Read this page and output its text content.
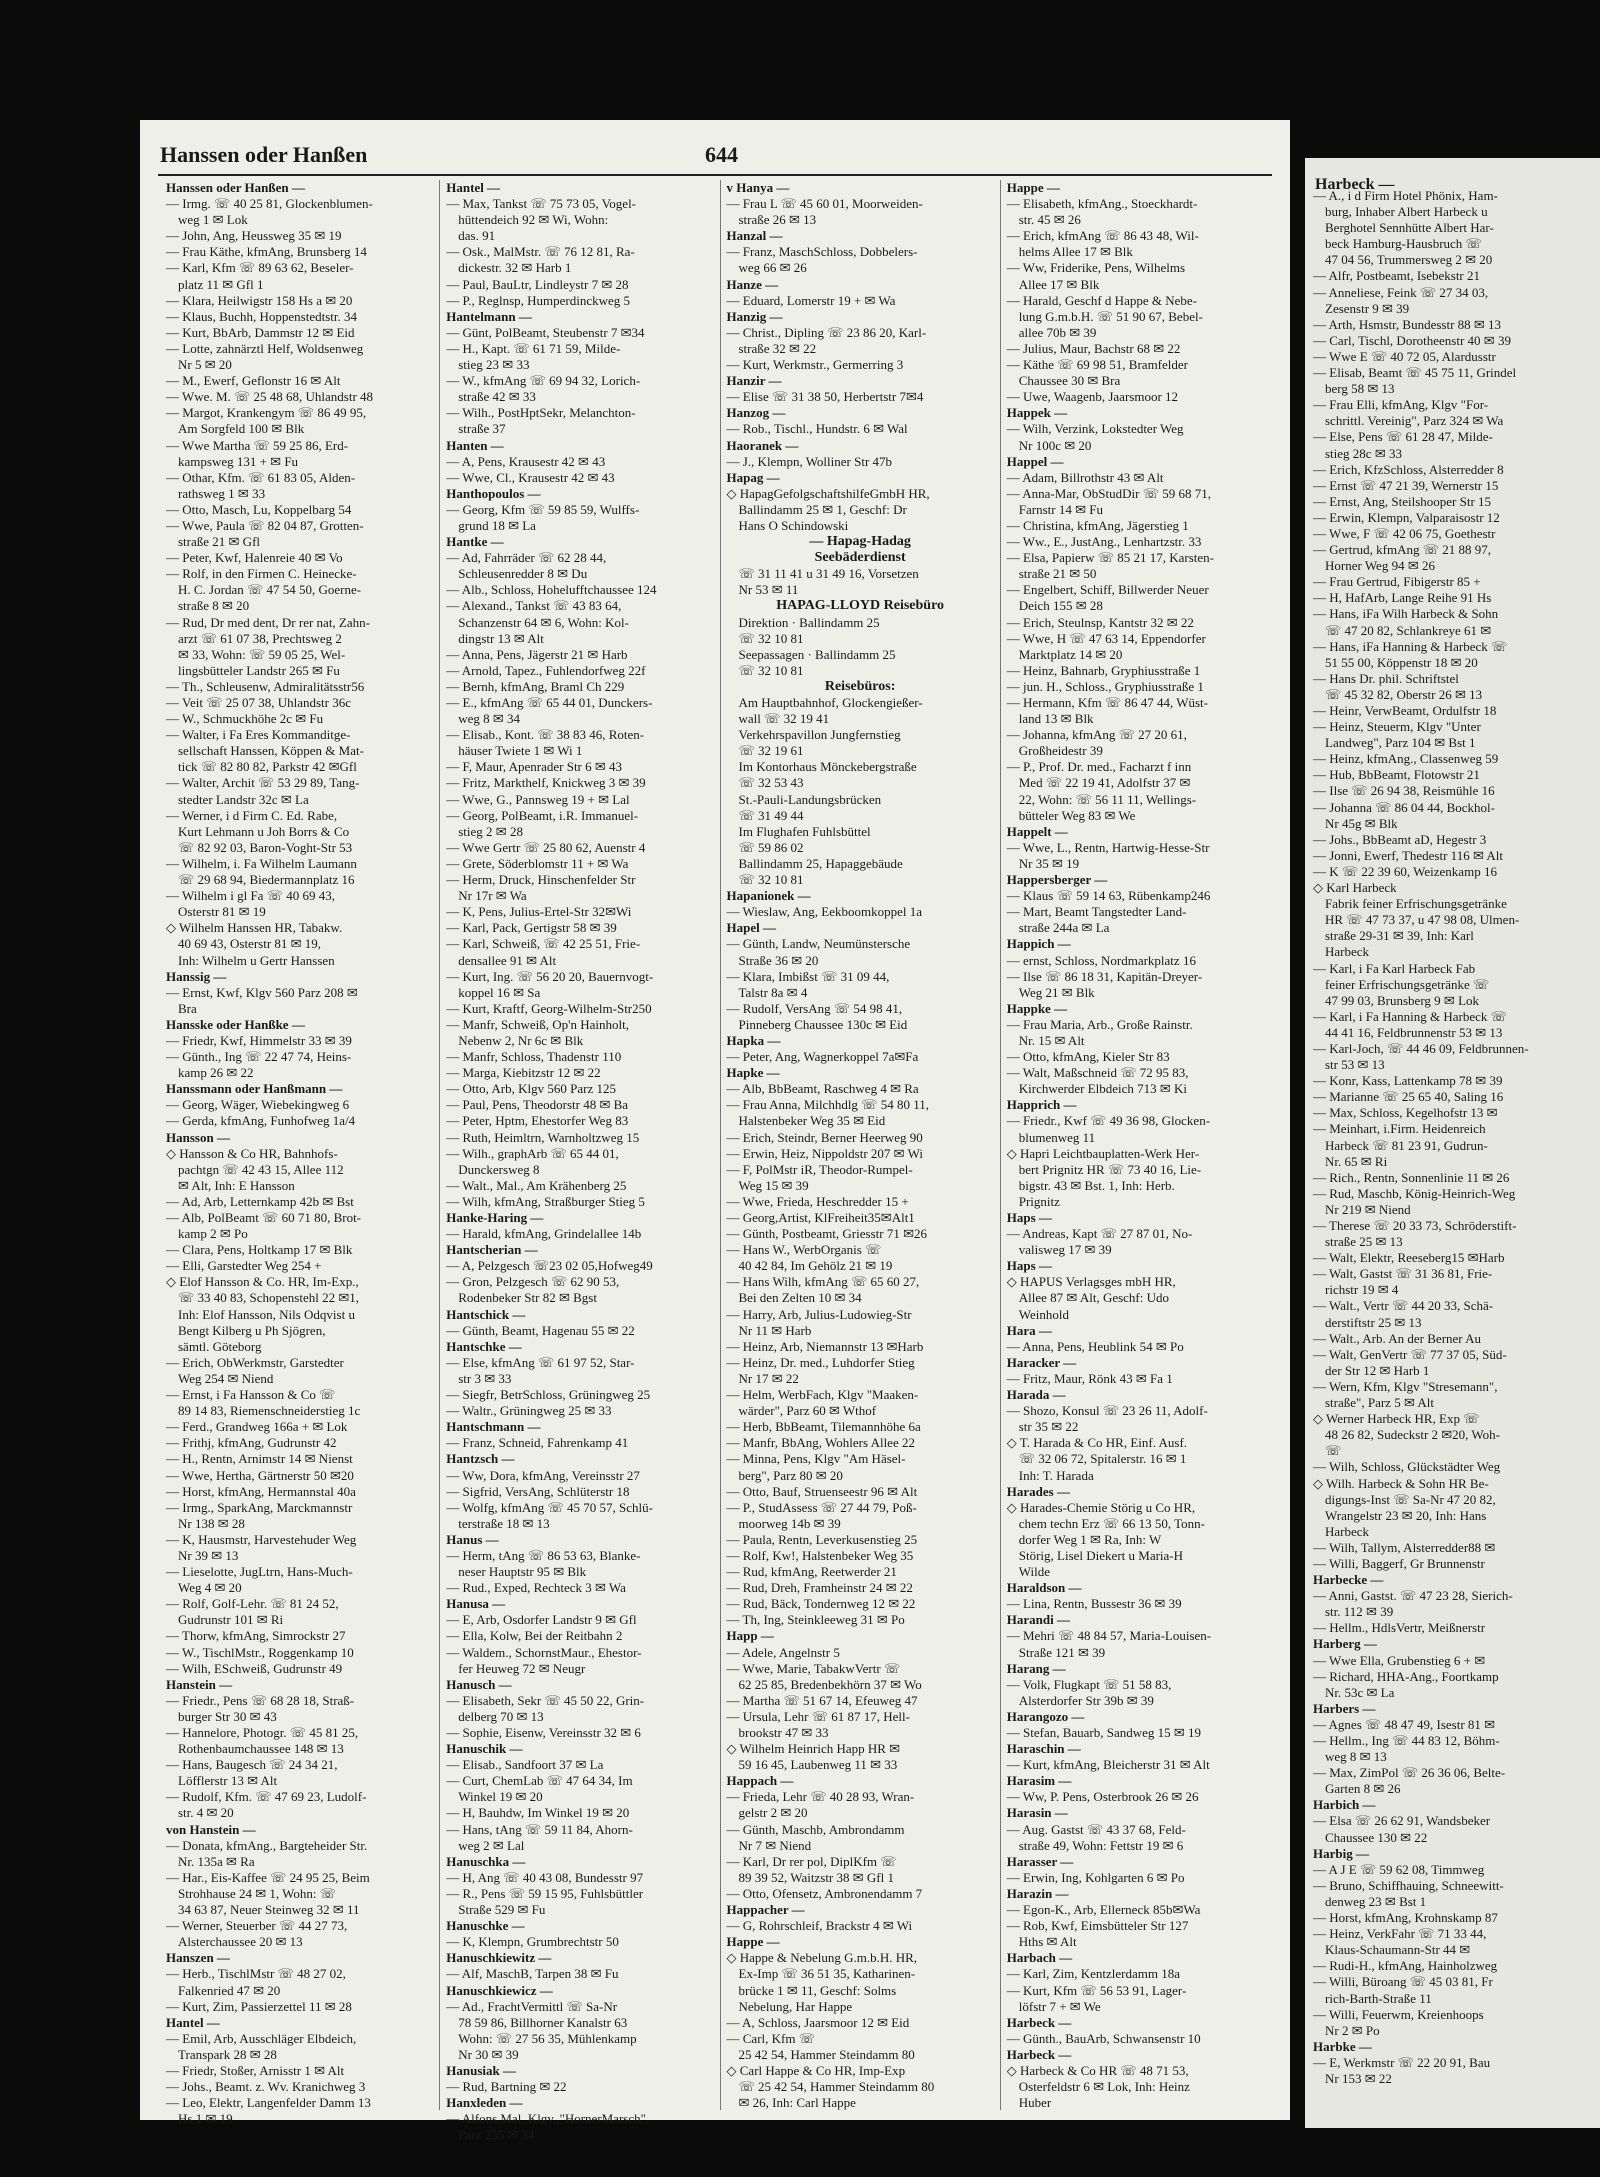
Hanssen oder Hanßen	644
Hanssen oder Hanßen —
— Irmg. ☏ 40 25 81, Glockenblumen-
weg 1 ✉ Lok
— John, Ang, Heussweg 35 ✉ 19
— Frau Käthe, kfmAng, Brunsberg 14
— Karl, Kfm ☏ 89 63 62, Beseler-
platz 11 ✉ Gfl 1
— Klara, Heilwigstr 158 Hs a ✉ 20
— Klaus, Buchh, Hoppenstedtstr. 34
— Kurt, BbArb, Dammstr 12 ✉ Eid
— Lotte, zahnärztl Helf, Woldsenweg
Nr 5 ✉ 20
— M., Ewerf, Geflonstr 16 ✉ Alt
— Wwe. M. ☏ 25 48 68, Uhlandstr 48
— Margot, Krankengym ☏ 86 49 95,
Am Sorgfeld 100 ✉ Blk
— Wwe Martha ☏ 59 25 86, Erd-
kampsweg 131 + ✉ Fu
— Othar, Kfm. ☏ 61 83 05, Alden-
rathsweg 1 ✉ 33
— Otto, Masch, Lu, Koppelbarg 54
— Wwe, Paula ☏ 82 04 87, Grotten-
straße 21 ✉ Gfl
— Peter, Kwf, Halenreie 40 ✉ Vo
— Rolf, in den Firmen C. Heinecke-
H. C. Jordan ☏ 47 54 50, Goerne-
straße 8 ✉ 20
— Rud, Dr med dent, Dr rer nat, Zahn-
arzt ☏ 61 07 38, Prechtsweg 2
✉ 33, Wohn: ☏ 59 05 25, Wel-
lingsbütteler Landstr 265 ✉ Fu
— Th., Schleusenw, Admiralitätsstr56
— Veit ☏ 25 07 38, Uhlandstr 36c
— W., Schmuckhöhe 2c ✉ Fu
— Walter, i Fa Eres Kommanditge-
sellschaft Hanssen, Köppen & Mat-
tick ☏ 82 80 82, Parkstr 42 ✉Gfl
— Walter, Archit ☏ 53 29 89, Tang-
stedter Landstr 32c ✉ La
— Werner, i d Firm C. Ed. Rabe,
Kurt Lehmann u Joh Borrs & Co
☏ 82 92 03, Baron-Voght-Str 53
— Wilhelm, i. Fa Wilhelm Laumann
☏ 29 68 94, Biedermannplatz 16
— Wilhelm i gl Fa ☏ 40 69 43,
Osterstr 81 ✉ 19
◇ Wilhelm Hanssen HR, Tabakw.
40 69 43, Osterstr 81 ✉ 19,
Inh: Wilhelm u Gertr Hanssen
Hanssig —
— Ernst, Kwf, Klgv 560 Parz 208 ✉
Bra
Hansske oder Hanßke —
— Friedr, Kwf, Himmelstr 33 ✉ 39
— Günth., Ing ☏ 22 47 74, Heins-
kamp 26 ✉ 22
Hanssmann oder Hanßmann —
— Georg, Wäger, Wiebekingweg 6
— Gerda, kfmAng, Funhofweg 1a/4
Hansson —
◇ Hansson & Co HR, Bahnhofs-
pachtgn ☏ 42 43 15, Allee 112
✉ Alt, Inh: E Hansson
— Ad, Arb, Letternkamp 42b ✉ Bst
— Alb, PolBeamt ☏ 60 71 80, Brot-
kamp 2 ✉ Po
— Clara, Pens, Holtkamp 17 ✉ Blk
— Elli, Garstedter Weg 254 +
◇ Elof Hansson & Co. HR, Im-Exp.,
☏ 33 40 83, Schopenstehl 22 ✉1,
Inh: Elof Hansson, Nils Odqvist u
Bengt Kilberg u Ph Sjögren,
sämtl. Göteborg
— Erich, ObWerkmstr, Garstedter
Weg 254 ✉ Niend
— Ernst, i Fa Hansson & Co ☏
89 14 83, Riemenschneiderstieg 1c
— Ferd., Grandweg 166a + ✉ Lok
— Frithj, kfmAng, Gudrunstr 42
— H., Rentn, Arnimstr 14 ✉ Nienst
— Wwe, Hertha, Gärtnerstr 50 ✉20
— Horst, kfmAng, Hermannstal 40a
— Irmg., SparkAng, Marckmannstr
Nr 138 ✉ 28
— K, Hausmstr, Harvestehuder Weg
Nr 39 ✉ 13
— Lieselotte, JugLtrn, Hans-Much-
Weg 4 ✉ 20
— Rolf, Golf-Lehr. ☏ 81 24 52,
Gudrunstr 101 ✉ Ri
— Thorw, kfmAng, Simrockstr 27
— W., TischlMstr., Roggenkamp 10
— Wilh, ESchweiß, Gudrunstr 49
Hanstein —
— Friedr., Pens ☏ 68 28 18, Straß-
burger Str 30 ✉ 43
— Hannelore, Photogr. ☏ 45 81 25,
Rothenbaumchaussee 148 ✉ 13
— Hans, Baugesch ☏ 24 34 21,
Löfflerstr 13 ✉ Alt
— Rudolf, Kfm. ☏ 47 69 23, Ludolf-
str. 4 ✉ 20
von Hanstein —
— Donata, kfmAng., Bargteheider Str.
Nr. 135a ✉ Ra
— Har., Eis-Kaffee ☏ 24 95 25, Beim
Strohhause 24 ✉ 1, Wohn: ☏
34 63 87, Neuer Steinweg 32 ✉ 11
— Werner, Steuerber ☏ 44 27 73,
Alsterchaussee 20 ✉ 13
Hanszen —
— Herb., TischlMstr ☏ 48 27 02,
Falkenried 47 ✉ 20
— Kurt, Zim, Passierzettel 11 ✉ 28
Hantel —
— Emil, Arb, Ausschläger Elbdeich,
Transpark 28 ✉ 28
— Friedr, Stoßer, Arnisstr 1 ✉ Alt
— Johs., Beamt. z. Wv. Kranichweg 3
— Leo, Elektr, Langenfelder Damm 13
Hs 1 ✉ 19
Hantel —
— Max, Tankst ☏ 75 73 05, Vogel-
hüttendeich 92 ✉ Wi, Wohn:
das. 91
— Osk., MalMstr. ☏ 76 12 81, Ra-
dickestr. 32 ✉ Harb 1
— Paul, BauLtr, Lindleystr 7 ✉ 28
— P., Reglnsp, Humperdinckweg 5
Hantelmann —
— Günt, PolBeamt, Steubenstr 7 ✉34
— H., Kapt. ☏ 61 71 59, Milde-
stieg 23 ✉ 33
— W., kfmAng ☏ 69 94 32, Lorich-
straße 42 ✉ 33
— Wilh., PostHptSekr, Melanchton-
straße 37
Hanten —
— A, Pens, Krausestr 42 ✉ 43
— Wwe, Cl., Krausestr 42 ✉ 43
Hanthopoulos —
— Georg, Kfm ☏ 59 85 59, Wulffs-
grund 18 ✉ La
Hantke —
— Ad, Fahrräder ☏ 62 28 44,
Schleusenredder 8 ✉ Du
— Alb., Schloss, Hohelufftchaussee 124
— Alexand., Tankst ☏ 43 83 64,
Schanzenstr 64 ✉ 6, Wohn: Kol-
dingstr 13 ✉ Alt
— Anna, Pens, Jägerstr 21 ✉ Harb
— Arnold, Tapez., Fuhlendorfweg 22f
— Bernh, kfmAng, Braml Ch 229
— E., kfmAng ☏ 65 44 01, Dunckers-
weg 8 ✉ 34
— Elisab., Kont. ☏ 38 83 46, Roten-
häuser Twiete 1 ✉ Wi 1
— F, Maur, Apenrader Str 6 ✉ 43
— Fritz, Markthelf, Knickweg 3 ✉ 39
— Wwe, G., Pannsweg 19 + ✉ Lal
— Georg, PolBeamt, i.R. Immanuel-
stieg 2 ✉ 28
— Wwe Gertr ☏ 25 80 62, Auenstr 4
— Grete, Söderblomstr 11 + ✉ Wa
— Herm, Druck, Hinschenfelder Str
Nr 17r ✉ Wa
— K, Pens, Julius-Ertel-Str 32✉Wi
— Karl, Pack, Gertigstr 58 ✉ 39
— Karl, Schweiß, ☏ 42 25 51, Frie-
densallee 91 ✉ Alt
— Kurt, Ing. ☏ 56 20 20, Bauernvogt-
koppel 16 ✉ Sa
— Kurt, Kraftf, Georg-Wilhelm-Str250
— Manfr, Schweiß, Op'n Hainholt,
Nebenw 2, Nr 6c ✉ Blk
— Manfr, Schloss, Thadenstr 110
— Marga, Kiebitzstr 12 ✉ 22
— Otto, Arb, Klgv 560 Parz 125
— Paul, Pens, Theodorstr 48 ✉ Ba
— Peter, Hptm, Ehestorfer Weg 83
— Ruth, Heimltrn, Warnholtzweg 15
— Wilh., graphArb ☏ 65 44 01,
Dunckersweg 8
— Walt., Mal., Am Krähenberg 25
— Wilh, kfmAng, Straßburger Stieg 5
Hanke-Haring —
— Harald, kfmAng, Grindelallee 14b
Hantscherian —
— A, Pelzgesch ☏23 02 05,Hofweg49
— Gron, Pelzgesch ☏ 62 90 53,
Rodenbeker Str 82 ✉ Bgst
Hantschick —
— Günth, Beamt, Hagenau 55 ✉ 22
Hantschke —
— Else, kfmAng ☏ 61 97 52, Star-
str 3 ✉ 33
— Siegfr, BetrSchloss, Grüningweg 25
— Waltr., Grüningweg 25 ✉ 33
Hantschmann —
— Franz, Schneid, Fahrenkamp 41
Hantzsch —
— Ww, Dora, kfmAng, Vereinsstr 27
— Sigfrid, VersAng, Schlüterstr 18
— Wolfg, kfmAng ☏ 45 70 57, Schlü-
terstraße 18 ✉ 13
Hanus —
— Herm, tAng ☏ 86 53 63, Blanke-
neser Hauptstr 95 ✉ Blk
— Rud., Exped, Rechteck 3 ✉ Wa
Hanusa —
— E, Arb, Osdorfer Landstr 9 ✉ Gfl
— Ella, Kolw, Bei der Reitbahn 2
— Waldem., SchornstMaur., Ehestor-
fer Heuweg 72 ✉ Neugr
Hanusch —
— Elisabeth, Sekr ☏ 45 50 22, Grin-
delberg 70 ✉ 13
— Sophie, Eisenw, Vereinsstr 32 ✉ 6
Hanuschik —
— Elisab., Sandfoort 37 ✉ La
— Curt, ChemLab ☏ 47 64 34, Im
Winkel 19 ✉ 20
— H, Bauhdw, Im Winkel 19 ✉ 20
— Hans, tAng ☏ 59 11 84, Ahorn-
weg 2 ✉ Lal
Hanuschka —
— H, Ang ☏ 40 43 08, Bundesstr 97
— R., Pens ☏ 59 15 95, Fuhlsbüttler
Straße 529 ✉ Fu
Hanuschke —
— K, Klempn, Grumbrechtstr 50
Hanuschkiewitz —
— Alf, MaschB, Tarpen 38 ✉ Fu
Hanuschkiewicz —
— Ad., FrachtVermittl ☏ Sa-Nr
78 59 86, Billhorner Kanalstr 63
Wohn: ☏ 27 56 35, Mühlenkamp
Nr 30 ✉ 39
Hanusiak —
— Rud, Bartning ✉ 22
Hanxleden —
— Alfons,Mal, Klgv.,"HornerMarsch",
Parz 255 ✉ 34
v Hanya —
— Frau L ☏ 45 60 01, Moorweiden-
straße 26 ✉ 13
Hanzal —
— Franz, MaschSchloss, Dobbelers-
weg 66 ✉ 26
Hanze —
— Eduard, Lomerstr 19 + ✉ Wa
Hanzig —
— Christ., Dipling ☏ 23 86 20, Karl-
straße 32 ✉ 22
— Kurt, Werkmstr., Germerring 3
Hanzir —
— Elise ☏ 31 38 50, Herbertstr 7✉4
Hanzog —
— Rob., Tischl., Hundstr. 6 ✉ Wal
Haoranek —
— J., Klempn, Wolliner Str 47b
Hapag —
◇ HapagGefolgschaftshilfeGmbH HR,
Ballindamm 25 ✉ 1, Geschf: Dr
Hans O Schindowski
— Hapag-Hadag
Seebäderdienst
☏ 31 11 41 u 31 49 16, Vorsetzen
Nr 53 ✉ 11
HAPAG-LLOYD Reisebüro
Direktion · Ballindamm 25
☏ 32 10 81
Seepassagen · Ballindamm 25
☏ 32 10 81
Reisebüros:
Am Hauptbahnhof, Glockengießer-
wall ☏ 32 19 41
Verkehrspavillon Jungfernstieg
☏ 32 19 61
Im Kontorhaus Mönckebergstraße
☏ 32 53 43
St.-Pauli-Landungsbrücken
☏ 31 49 44
Im Flughafen Fuhlsbüttel
☏ 59 86 02
Ballindamm 25, Hapaggebäude
☏ 32 10 81
Hapanionek —
— Wieslaw, Ang, Eekboomkoppel 1a
Hapel —
— Günth, Landw, Neumünstersche
Straße 36 ✉ 20
— Klara, Imbißst ☏ 31 09 44,
Talstr 8a ✉ 4
— Rudolf, VersAng ☏ 54 98 41,
Pinneberg Chaussee 130c ✉ Eid
Hapka —
— Peter, Ang, Wagnerkoppel 7a✉Fa
Hapke —
— Alb, BbBeamt, Raschweg 4 ✉ Ra
— Frau Anna, Milchhdlg ☏ 54 80 11,
Halstenbeker Weg 35 ✉ Eid
— Erich, Steindr, Berner Heerweg 90
— Erwin, Heiz, Nippoldstr 207 ✉ Wi
— F, PolMstr iR, Theodor-Rumpel-
Weg 15 ✉ 39
— Wwe, Frieda, Heschredder 15 +
— Georg,Artist, KlFreiheit35✉Alt1
— Günth, Postbeamt, Griesstr 71 ✉26
— Hans W., WerbOrganis ☏
40 42 84, Im Gehölz 21 ✉ 19
— Hans Wilh, kfmAng ☏ 65 60 27,
Bei den Zelten 10 ✉ 34
— Harry, Arb, Julius-Ludowieg-Str
Nr 11 ✉ Harb
— Heinz, Arb, Niemannstr 13 ✉Harb
— Heinz, Dr. med., Luhdorfer Stieg
Nr 17 ✉ 22
— Helm, WerbFach, Klgv "Maaken-
wärder", Parz 60 ✉ Wthof
— Herb, BbBeamt, Tilemannhöhe 6a
— Manfr, BbAng, Wohlers Allee 22
— Minna, Pens, Klgv "Am Häsel-
berg", Parz 80 ✉ 20
— Otto, Bauf, Struenseestr 96 ✉ Alt
— P., StudAssess ☏ 27 44 79, Poß-
moorweg 14b ✉ 39
— Paula, Rentn, Leverkusenstieg 25
— Rolf, Kw!, Halstenbeker Weg 35
— Rud, kfmAng, Reetwerder 21
— Rud, Dreh, Framheinstr 24 ✉ 22
— Rud, Bäck, Tondernweg 12 ✉ 22
— Th, Ing, Steinkleeweg 31 ✉ Po
Happ —
— Adele, Angelnstr 5
— Wwe, Marie, TabakwVertr ☏
62 25 85, Bredenbekhörn 37 ✉ Wo
— Martha ☏ 51 67 14, Efeuweg 47
— Ursula, Lehr ☏ 61 87 17, Hell-
brookstr 47 ✉ 33
◇ Wilhelm Heinrich Happ HR ✉
59 16 45, Laubenweg 11 ✉ 33
Happach —
— Frieda, Lehr ☏ 40 28 93, Wran-
gelstr 2 ✉ 20
— Günth, Maschb, Ambrondamm
Nr 7 ✉ Niend
— Karl, Dr rer pol, DiplKfm ☏
89 39 52, Waitzstr 38 ✉ Gfl 1
— Otto, Ofensetz, Ambronendamm 7
Happacher —
— G, Rohrschleif, Brackstr 4 ✉ Wi
Happe —
◇ Happe & Nebelung G.m.b.H. HR,
Ex-Imp ☏ 36 51 35, Katharinen-
brücke 1 ✉ 11, Geschf: Solms
Nebelung, Har Happe
— A, Schloss, Jaarsmoor 12 ✉ Eid
— Carl, Kfm ☏
25 42 54, Hammer Steindamm 80
◇ Carl Happe & Co HR, Imp-Exp
☏ 25 42 54, Hammer Steindamm 80
✉ 26, Inh: Carl Happe
Happe —
— Elisabeth, kfmAng., Stoeckhardt-
str. 45 ✉ 26
— Erich, kfmAng ☏ 86 43 48, Wil-
helms Allee 17 ✉ Blk
— Ww, Friderike, Pens, Wilhelms
Allee 17 ✉ Blk
— Harald, Geschf d Happe & Nebe-
lung G.m.b.H. ☏ 51 90 67, Bebel-
allee 70b ✉ 39
— Julius, Maur, Bachstr 68 ✉ 22
— Käthe ☏ 69 98 51, Bramfelder
Chaussee 30 ✉ Bra
— Uwe, Waagenb, Jaarsmoor 12
Happek —
— Wilh, Verzink, Lokstedter Weg
Nr 100c ✉ 20
Happel —
— Adam, Billrothstr 43 ✉ Alt
— Anna-Mar, ObStudDir ☏ 59 68 71,
Farnstr 14 ✉ Fu
— Christina, kfmAng, Jägerstieg 1
— Ww., E., JustAng., Lenhartzstr. 33
— Elsa, Papierw ☏ 85 21 17, Karsten-
straße 21 ✉ 50
— Engelbert, Schiff, Billwerder Neuer
Deich 155 ✉ 28
— Erich, Steulnsp, Kantstr 32 ✉ 22
— Wwe, H ☏ 47 63 14, Eppendorfer
Marktplatz 14 ✉ 20
— Heinz, Bahnarb, Gryphiusstraße 1
— jun. H., Schloss., Gryphiusstraße 1
— Hermann, Kfm ☏ 86 47 44, Wüst-
land 13 ✉ Blk
— Johanna, kfmAng ☏ 27 20 61,
Großheidestr 39
— P., Prof. Dr. med., Facharzt f inn
Med ☏ 22 19 41, Adolfstr 37 ✉
22, Wohn: ☏ 56 11 11, Wellings-
bütteler Weg 83 ✉ We
Happelt —
— Wwe, L., Rentn, Hartwig-Hesse-Str
Nr 35 ✉ 19
Happersberger —
— Klaus ☏ 59 14 63, Rübenkamp246
— Mart, Beamt Tangstedter Land-
straße 244a ✉ La
Happich —
— ernst, Schloss, Nordmarkplatz 16
— Ilse ☏ 86 18 31, Kapitän-Dreyer-
Weg 21 ✉ Blk
Happke —
— Frau Maria, Arb., Große Rainstr.
Nr. 15 ✉ Alt
— Otto, kfmAng, Kieler Str 83
— Walt, Maßschneid ☏ 72 95 83,
Kirchwerder Elbdeich 713 ✉ Ki
Happrich —
— Friedr., Kwf ☏ 49 36 98, Glocken-
blumenweg 11
◇ Hapri Leichtbauplatten-Werk Her-
bert Prignitz HR ☏ 73 40 16, Lie-
bigstr. 43 ✉ Bst. 1, Inh: Herb.
Prignitz
Haps —
— Andreas, Kapt ☏ 27 87 01, No-
valisweg 17 ✉ 39
Haps —
◇ HAPUS Verlagsges mbH HR,
Allee 87 ✉ Alt, Geschf: Udo
Weinhold
Hara —
— Anna, Pens, Heublink 54 ✉ Po
Haracker —
— Fritz, Maur, Rönk 43 ✉ Fa 1
Harada —
— Shozo, Konsul ☏ 23 26 11, Adolf-
str 35 ✉ 22
◇ T. Harada & Co HR, Einf. Ausf.
☏ 32 06 72, Spitalerstr. 16 ✉ 1
Inh: T. Harada
Harades —
◇ Harades-Chemie Störig u Co HR,
chem techn Erz ☏ 66 13 50, Tonn-
dorfer Weg 1 ✉ Ra, Inh: W
Störig, Lisel Diekert u Maria-H
Wilde
Haraldson —
— Lina, Rentn, Bussestr 36 ✉ 39
Harandi —
— Mehri ☏ 48 84 57, Maria-Louisen-
Straße 121 ✉ 39
Harang —
— Volk, Flugkapt ☏ 51 58 83,
Alsterdorfer Str 39b ✉ 39
Harangozo —
— Stefan, Bauarb, Sandweg 15 ✉ 19
Haraschin —
— Kurt, kfmAng, Bleicherstr 31 ✉ Alt
Harasim —
— Ww, P. Pens, Osterbrook 26 ✉ 26
Harasin —
— Aug. Gastst ☏ 43 37 68, Feld-
straße 49, Wohn: Fettstr 19 ✉ 6
Harasser —
— Erwin, Ing, Kohlgarten 6 ✉ Po
Harazin —
— Egon-K., Arb, Ellerneck 85b✉Wa
— Rob, Kwf, Eimsbütteler Str 127
Hths ✉ Alt
Harbach —
— Karl, Zim, Kentzlerdamm 18a
— Kurt, Kfm ☏ 56 53 91, Lager-
löfstr 7 + ✉ We
Harbeck —
— Günth., BauArb, Schwansenstr 10
Harbeck —
◇ Harbeck & Co HR ☏ 48 71 53,
Osterfeldstr 6 ✉ Lok, Inh: Heinz
Huber
Harbeck —
— A., i d Firm Hotel Phönix, Ham-
burg, Inhaber Albert Harbeck u
Berghotel Sennhütte Albert Har-
beck Hamburg-Hausbruch ☏
47 04 56, Trummersweg 2 ✉ 20
— Alfr, Postbeamt, Isebekstr 21
— Anneliese, Feink ☏ 27 34 03,
Zesenstr 9 ✉ 39
— Arth, Hsmstr, Bundesstr 88 ✉ 13
— Carl, Tischl, Dorotheenstr 40 ✉ 39
— Wwe E ☏ 40 72 05, Alardusstr
— Elisab, Beamt ☏ 45 75 11, Grindel
berg 58 ✉ 13
— Frau Elli, kfmAng, Klgv "For-
schrittl. Vereinig", Parz 324 ✉ Wa
— Else, Pens ☏ 61 28 47, Milde-
stieg 28c ✉ 33
— Erich, KfzSchloss, Alsterredder 8
— Ernst ☏ 47 21 39, Wernerstr 15
— Ernst, Ang, Steilshooper Str 15
— Erwin, Klempn, Valparaisostr 12
— Wwe, F ☏ 42 06 75, Goethestr
— Gertrud, kfmAng ☏ 21 88 97,
Horner Weg 94 ✉ 26
— Frau Gertrud, Fibigerstr 85 +
— H, HafArb, Lange Reihe 91 Hs
— Hans, iFa Wilh Harbeck & Sohn
☏ 47 20 82, Schlankreye 61 ✉
— Hans, iFa Hanning & Harbeck ☏
51 55 00, Köppenstr 18 ✉ 20
— Hans Dr. phil. Schriftstel
☏ 45 32 82, Oberstr 26 ✉ 13
— Heinr, VerwBeamt, Ordulfstr 18
— Heinz, Steuerm, Klgv "Unter
Landweg", Parz 104 ✉ Bst 1
— Heinz, kfmAng., Classenweg 59
— Hub, BbBeamt, Flotowstr 21
— Ilse ☏ 26 94 38, Reismühle 16
— Johanna ☏ 86 04 44, Bockhol-
Nr 45g ✉ Blk
— Johs., BbBeamt aD, Hegestr 3
— Jonni, Ewerf, Thedestr 116 ✉ Alt
— K ☏ 22 39 60, Weizenkamp 16
◇ Karl Harbeck
Fabrik feiner Erfrischungsgetränke
HR ☏ 47 73 37, u 47 98 08, Ulmen-
straße 29-31 ✉ 39, Inh: Karl
Harbeck
— Karl, i Fa Karl Harbeck Fab
feiner Erfrischungsgetränke ☏
47 99 03, Brunsberg 9 ✉ Lok
— Karl, i Fa Hanning & Harbeck ☏
44 41 16, Feldbrunnenstr 53 ✉ 13
— Karl-Joch, ☏ 44 46 09, Feldbrunnen-
str 53 ✉ 13
— Konr, Kass, Lattenkamp 78 ✉ 39
— Marianne ☏ 25 65 40, Saling 16
— Max, Schloss, Kegelhofstr 13 ✉
— Meinhart, i.Firm. Heidenreich
Harbeck ☏ 81 23 91, Gudrun-
Nr. 65 ✉ Ri
— Rich., Rentn, Sonnenlinie 11 ✉ 26
— Rud, Maschb, König-Heinrich-Weg
Nr 219 ✉ Niend
— Therese ☏ 20 33 73, Schröderstift-
straße 25 ✉ 13
— Walt, Elektr, Reeseberg15 ✉Harb
— Walt, Gastst ☏ 31 36 81, Frie-
richstr 19 ✉ 4
— Walt., Vertr ☏ 44 20 33, Schä-
derstiftstr 25 ✉ 13
— Walt., Arb. An der Berner Au
— Walt, GenVertr ☏ 77 37 05, Süd-
der Str 12 ✉ Harb 1
— Wern, Kfm, Klgv "Stresemann",
straße", Parz 5 ✉ Alt
◇ Werner Harbeck HR, Exp ☏
48 26 82, Sudeckstr 2 ✉20, Woh-
☏
— Wilh, Schloss, Glückstädter Weg
◇ Wilh. Harbeck & Sohn HR Be-
digungs-Inst ☏ Sa-Nr 47 20 82,
Wrangelstr 23 ✉ 20, Inh: Hans
Harbeck
— Wilh, Tallym, Alsterredder88 ✉
— Willi, Baggerf, Gr Brunnenstr
Harbecke —
— Anni, Gastst. ☏ 47 23 28, Sierich-
str. 112 ✉ 39
— Hellm., HdlsVertr, Meißnerstr
Harberg —
— Wwe Ella, Grubenstieg 6 + ✉
— Richard, HHA-Ang., Foortkamp
Nr. 53c ✉ La
Harbers —
— Agnes ☏ 48 47 49, Isestr 81 ✉
— Hellm., Ing ☏ 44 83 12, Böhm-
weg 8 ✉ 13
— Max, ZimPol ☏ 26 36 06, Belte-
Garten 8 ✉ 26
Harbich —
— Elsa ☏ 26 62 91, Wandsbeker
Chaussee 130 ✉ 22
Harbig —
— A J E ☏ 59 62 08, Timmweg
— Bruno, Schiffhauing, Schneewitt-
denweg 23 ✉ Bst 1
— Horst, kfmAng, Krohnskamp 87
— Heinz, VerkFahr ☏ 71 33 44,
Klaus-Schaumann-Str 44 ✉
— Rudi-H., kfmAng, Hainholzweg
— Willi, Büroang ☏ 45 03 81, Fr
rich-Barth-Straße 11
— Willi, Feuerwm, Kreienhoops
Nr 2 ✉ Po
Harbke —
— E, Werkmstr ☏ 22 20 91, Bau
Nr 153 ✉ 22
